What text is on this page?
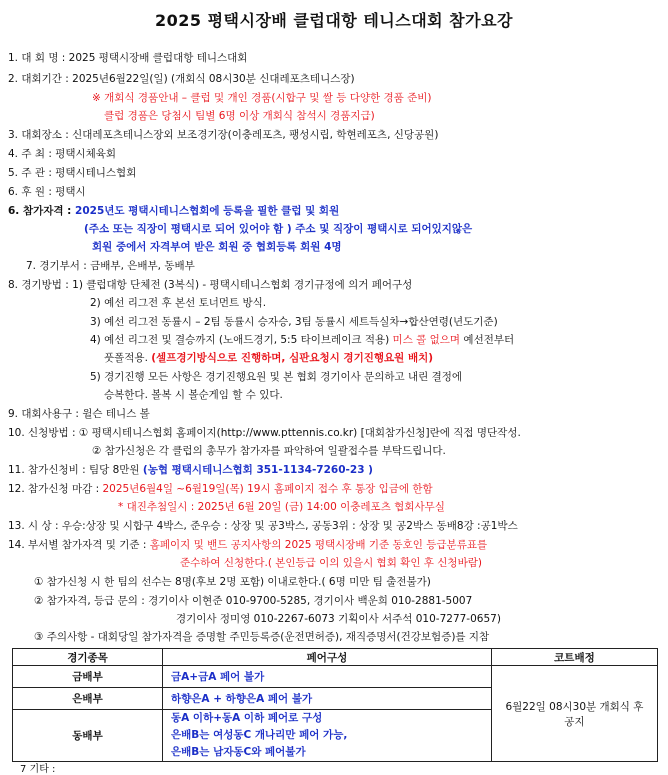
2025 평택시장배 클럽대항 테니스대회 참가요강
1. 대 회 명 : 2025 평택시장배 클럽대항 테니스대회
2. 대회기간 : 2025년6월22일(일) (개회식 08시30분 신대레포츠테니스장)
※ 개회식 경품안내 – 클럽 및 개인 경품(시합구 및 쌀 등 다양한 경품 준비)
클럽 경품은 당첨시 팀별 6명 이상 개회식 참석시 경품지급)
3. 대회장소 : 신대레포츠테니스장외 보조경기장(이충레포츠, 팽성시립, 학현레포츠, 신당공원)
4. 주 최 : 평택시체육회
5. 주 관 : 평택시테니스협회
6. 후 원 : 평택시
6. 참가자격 : 2025년도 평택시테니스협회에 등록을 필한 클럽 및 회원
(주소 또는 직장이 평택시로 되어 있어야 함 ) 주소 및 직장이 평택시로 되어있지않은
회원 중에서 자격부여 받은 회원 중 협회등록 회원 4명
7. 경기부서 : 금배부, 은배부, 동배부
8. 경기방법 : 1) 클럽대항 단체전 (3복식) - 평택시테니스협회 경기규정에 의거 페어구성
2) 예선 리그전 후 본선 토너먼트 방식.
3) 예선 리그전 동률시 – 2팀 동률시 승자승, 3팀 동률시 세트득실차→합산연령(년도기준)
4) 예선 리그전 및 결승까지 (노애드경기, 5:5 타이브레이크 적용) 미스 콜 없으며 예선전부터
풋폴적용. (셀프경기방식으로 진행하며, 심판요청시 경기진행요원 배치)
5) 경기진행 모든 사항은 경기진행요원 및 본 협회 경기이사 문의하고 내린 결정에
승복한다. 볼복 시 볼순게임 할 수 있다.
9. 대회사용구 : 윌슨 테니스 볼
10. 신청방법 : ① 평택시테니스협회 홈페이지(http://www.pttennis.co.kr) [대회참가신청]란에 직접 명단작성.
② 참가신청은 각 클럽의 총무가 참가자를 파악하여 일괄접수를 부탁드립니다.
11. 참가신청비 : 팀당 8만원 (농협 평택시테니스협회 351-1134-7260-23 )
12. 참가신청 마감 : 2025년6월4일 ~6월19일(목) 19시 홈페이지 접수 후 통장 입금에 한함
* 대진추첨일시 : 2025년 6월 20일 (금) 14:00 이충레포츠 협회사무실
13. 시 상 : 우승:상장 및 시합구 4박스, 준우승 : 상장 및 공3박스, 공동3위 : 상장 및 공2박스 동배8강 :공1박스
14. 부서별 참가자격 및 기준 : 홈페이지 및 밴드 공지사항의 2025 평택시장배 기준 동호인 등급분류표를
준수하여 신청한다.( 본인등급 이의 있을시 협회 확인 후 신청바람)
① 참가신청 시 한 팀의 선수는 8명(후보 2명 포함) 이내로한다.( 6명 미만 팀 출전불가)
② 참가자격, 등급 문의 : 경기이사 이현준 010-9700-5285, 경기이사 백운희 010-2881-5007
경기이사 정미영 010-2267-6073 기획이사 서주석 010-7277-0657)
③ 주의사항 - 대회당일 참가자격을 증명할 주민등록증(운전면허증), 재직증명서(건강보험증)를 지참
경기종목	페어구성	코트배정
금배부	금A+금A 페어 불가	6월22일 08시30분 개회식 후 공지
은배부	하향은A + 하향은A 페어 불가	
동배부	동A 이하+동A 이하 페어로 구성
은배B는 여성동C 개나리만 페어 가능,
은배B는 남자동C와 페어불가	
7 기타 :
